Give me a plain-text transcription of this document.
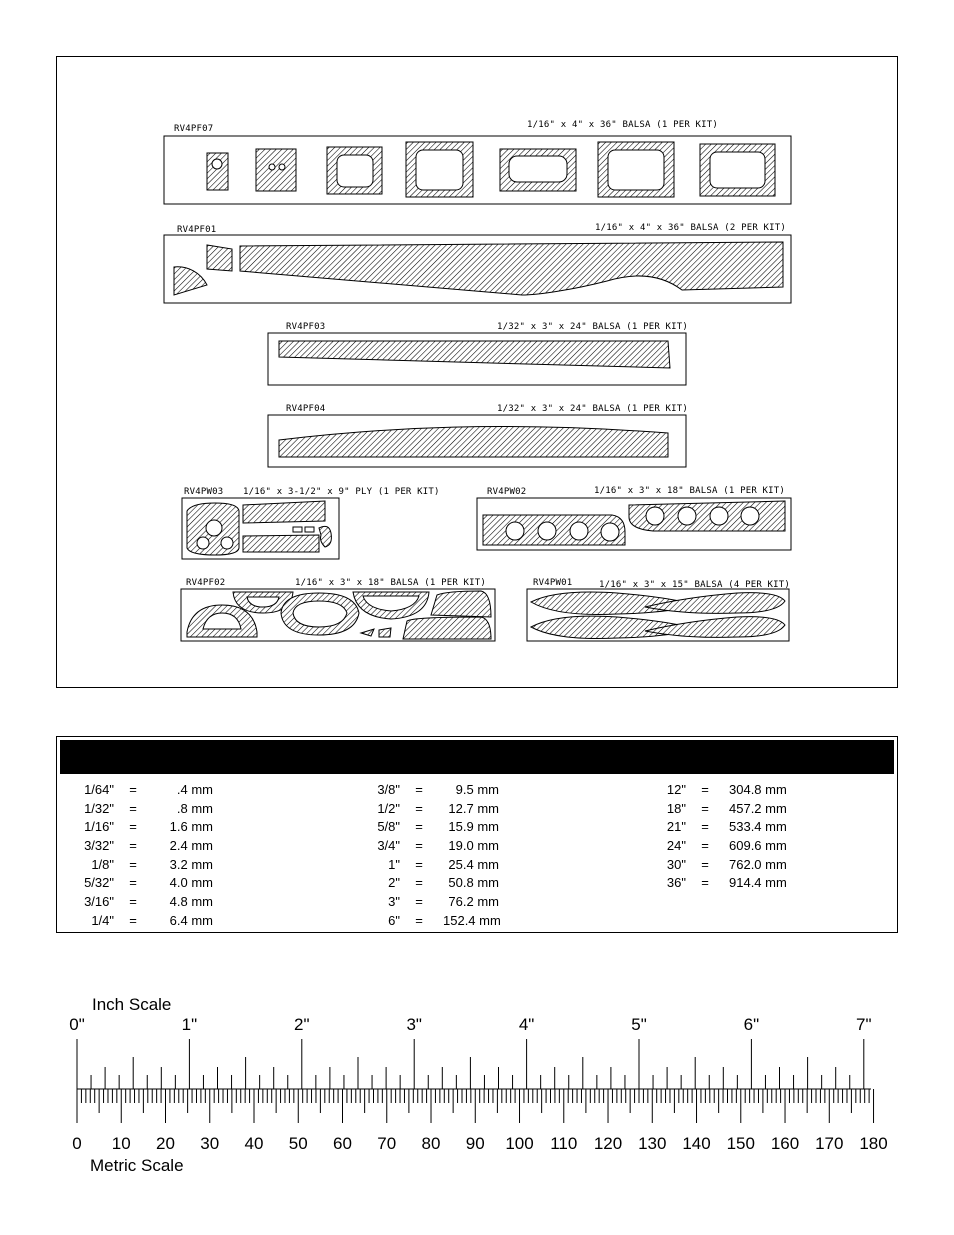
RV4PF07	1/16" x 4" x 36" BALSA (1 PER KIT)
RV4PF01	1/16" x 4" x 36" BALSA (2 PER KIT)
RV4PF03	1/32" x 3" x 24" BALSA (1 PER KIT)
RV4PF04	1/32" x 3" x 24" BALSA (1 PER KIT)
RV4PW03 1/16" x 3-1/2" x 9" PLY (1 PER KIT)	RV4PW02	1/16" x 3" x 18" BALSA (1 PER KIT)
RV4PF02	1/16" x 3" x 18" BALSA (1 PER KIT)	RV4PW01	1/16" x 3" x 15" BALSA (4 PER KIT)
1/64" =	.4 mm
1/32" =	.8 mm
1/16" =	1.6 mm
3/32" =	2.4 mm
1/8" =	3.2 mm
5/32" =	4.0 mm
3/16" =	4.8 mm
1/4" =	6.4 mm
3/8" =	9.5 mm
1/2" =	12.7 mm
5/8" =	15.9 mm
3/4" =	19.0 mm
1" =	25.4 mm
2" =	50.8 mm
3" =	76.2 mm
6" = 152.4 mm
12" = 304.8 mm
18" = 457.2 mm
21" = 533.4 mm
24" = 609.6 mm
30" = 762.0 mm
36" = 914.4 mm
Inch Scale
Metric Scale
0"	1"	2"	3"	4"	5"	6"	7"
0 10 20 30 40 50 60 70 80 90 100 110 120 130 140 150 160 170 180
